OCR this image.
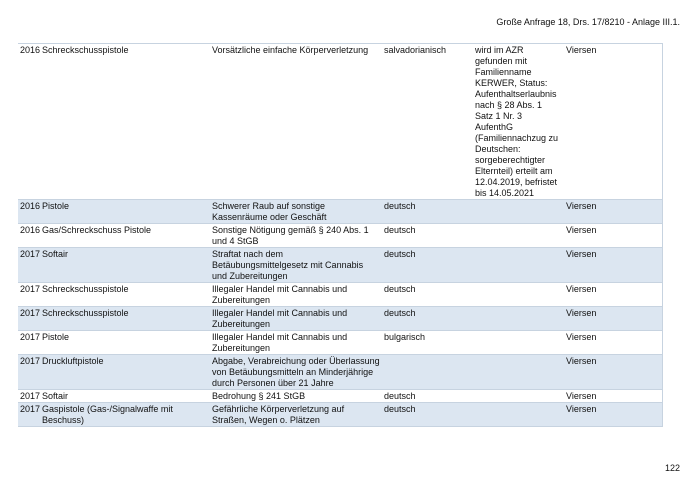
Große Anfrage 18, Drs. 17/8210 - Anlage III.1.
2016	Schreckschusspistole	Vorsätzliche einfache Körperverletzung	salvadorianisch	wird im AZR gefunden mit Familienname KERWER, Status: Aufenthaltserlaubnis nach § 28 Abs. 1 Satz 1 Nr. 3 AufenthG (Familiennachzug zu Deutschen: sorgeberechtigter Elternteil) erteilt am 12.04.2019, befristet bis 14.05.2021	Viersen
2016	Pistole	Schwerer Raub auf sonstige Kassenräume oder Geschäft	deutsch		Viersen
2016	Gas/Schreckschuss Pistole	Sonstige Nötigung gemäß § 240 Abs. 1 und 4 StGB	deutsch		Viersen
2017	Softair	Straftat nach dem Betäubungsmittelgesetz mit Cannabis und Zubereitungen	deutsch		Viersen
2017	Schreckschusspistole	Illegaler Handel mit Cannabis und Zubereitungen	deutsch		Viersen
2017	Schreckschusspistole	Illegaler Handel mit Cannabis und Zubereitungen	deutsch		Viersen
2017	Pistole	Illegaler Handel mit Cannabis und Zubereitungen	bulgarisch		Viersen
2017	Druckluftpistole	Abgabe, Verabreichung oder Überlassung von Betäubungsmitteln an Minderjährige durch Personen über 21 Jahre			Viersen
2017	Softair	Bedrohung § 241 StGB	deutsch		Viersen
2017	Gaspistole (Gas-/Signalwaffe mit Beschuss)	Gefährliche Körperverletzung auf Straßen, Wegen o. Plätzen	deutsch		Viersen
122
